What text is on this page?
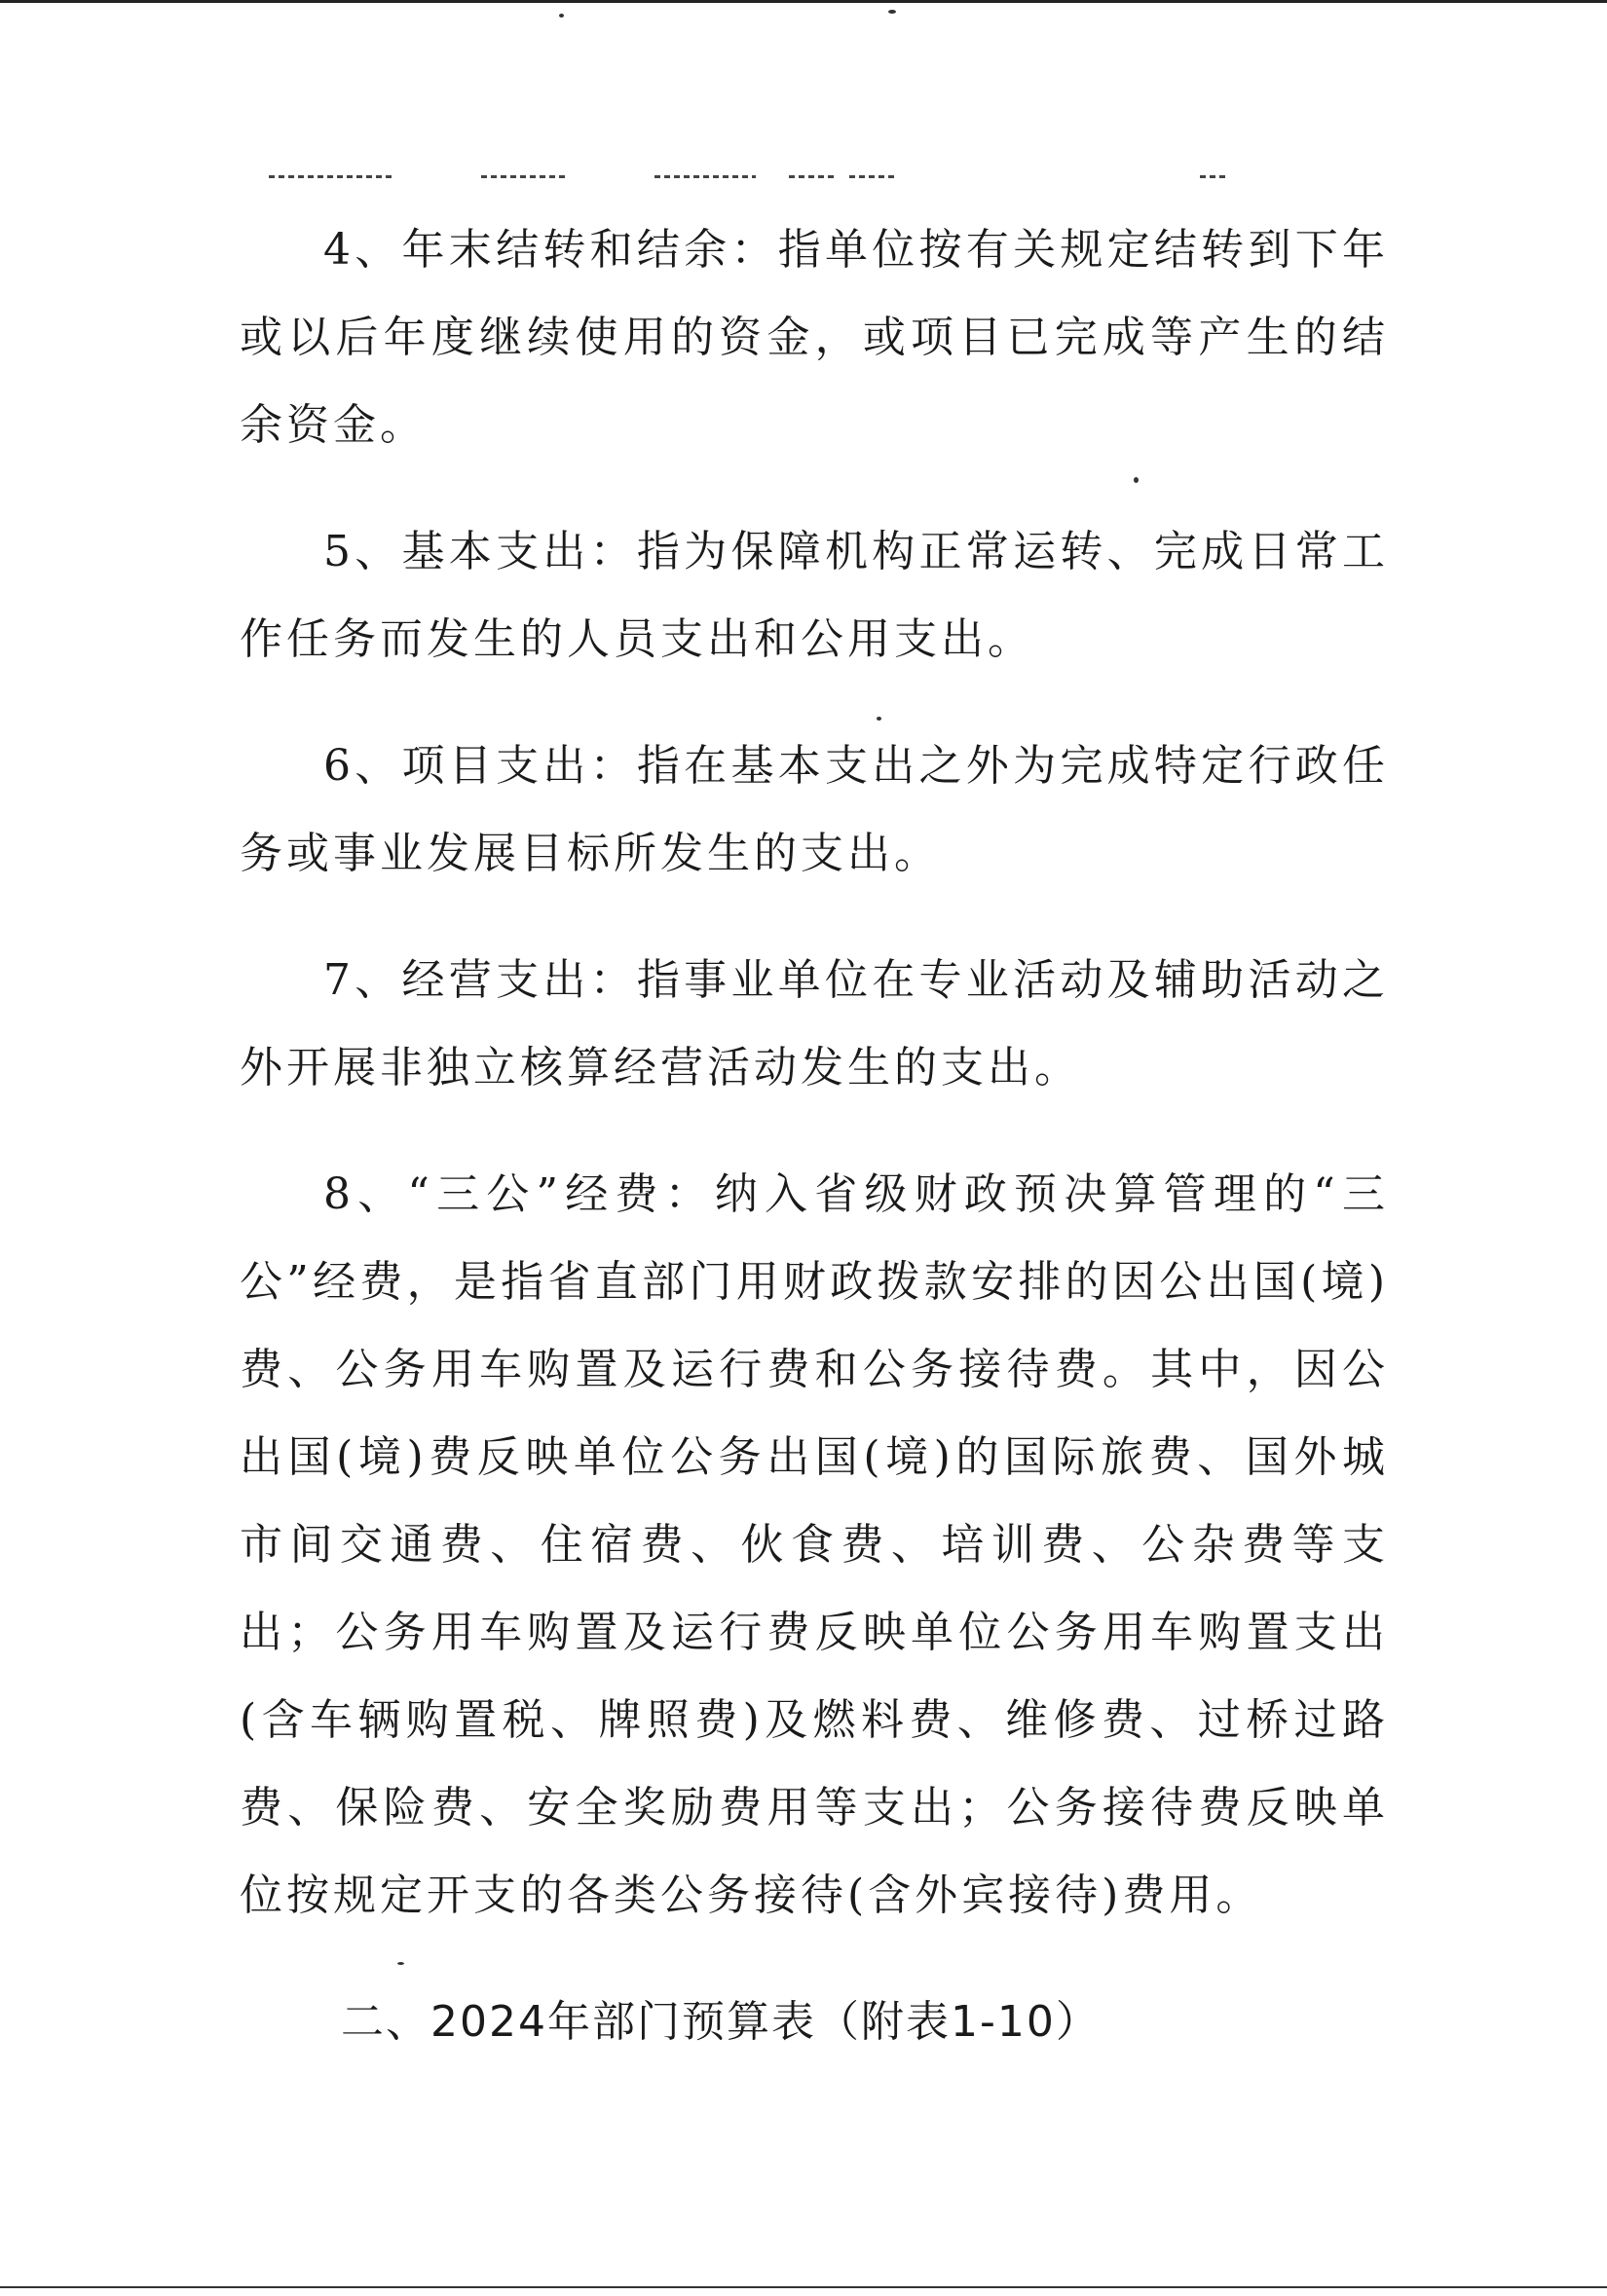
4、年末结转和结余：指单位按有关规定结转到下年或以后年度继续使用的资金，或项目已完成等产生的结余资金。

5、基本支出：指为保障机构正常运转、完成日常工作任务而发生的人员支出和公用支出。

6、项目支出：指在基本支出之外为完成特定行政任务或事业发展目标所发生的支出。

7、经营支出：指事业单位在专业活动及辅助活动之外开展非独立核算经营活动发生的支出。

8、“三公”经费：纳入省级财政预决算管理的“三公”经费，是指省直部门用财政拨款安排的因公出国(境)费、公务用车购置及运行费和公务接待费。其中，因公出国(境)费反映单位公务出国(境)的国际旅费、国外城市间交通费、住宿费、伙食费、培训费、公杂费等支出；公务用车购置及运行费反映单位公务用车购置支出(含车辆购置税、牌照费)及燃料费、维修费、过桥过路费、保险费、安全奖励费用等支出；公务接待费反映单位按规定开支的各类公务接待(含外宾接待)费用。

二、2024年部门预算表（附表1-10）
